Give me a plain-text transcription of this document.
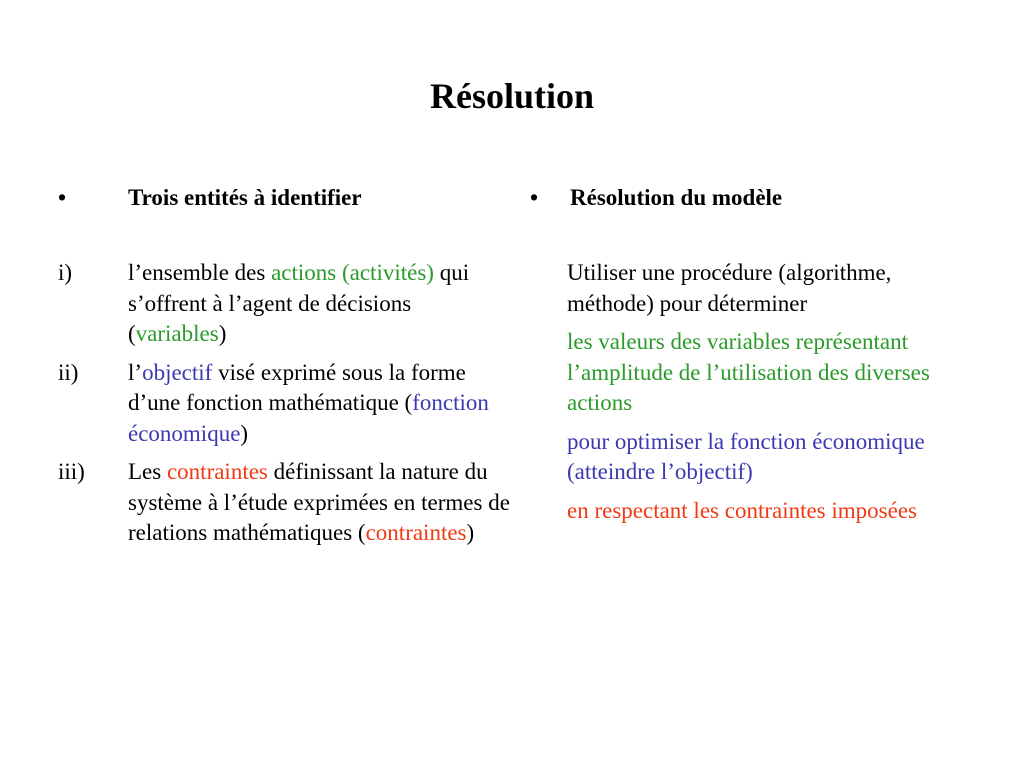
Résolution
•	Trois entités à identifier
i) l’ensemble des actions (activités) qui s’offrent à l’agent de décisions (variables)
ii) l’objectif visé exprimé sous la forme d’une fonction mathématique (fonction économique)
iii) Les contraintes définissant la nature du système à l’étude exprimées en termes de relations mathématiques (contraintes)
• Résolution du modèle
Utiliser une procédure (algorithme, méthode) pour déterminer
les valeurs des variables représentant l’amplitude de l’utilisation des diverses actions
pour optimiser la fonction économique (atteindre l’objectif)
en respectant les contraintes imposées
